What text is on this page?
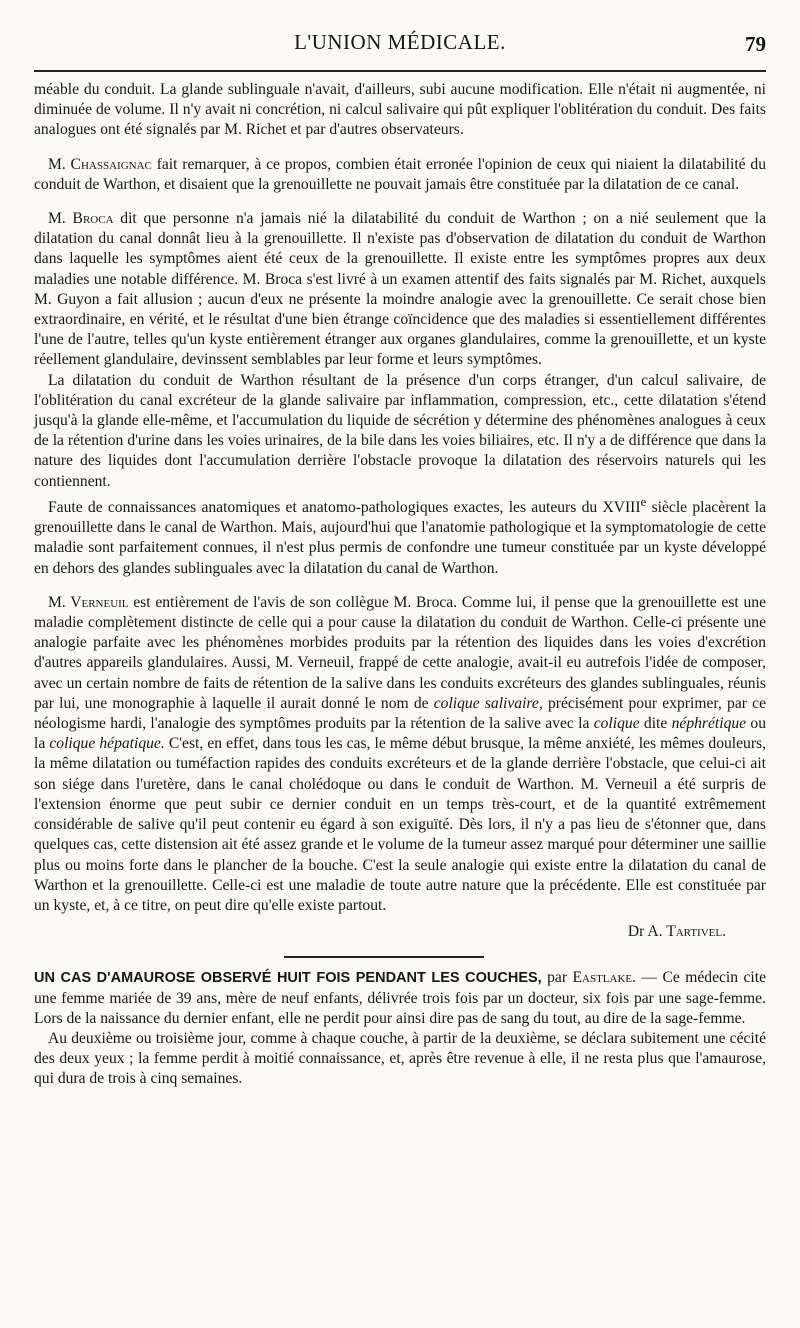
L'UNION MÉDICALE.	79

méable du conduit. La glande sublinguale n'avait, d'ailleurs, subi aucune modification. Elle n'était ni augmentée, ni diminuée de volume. Il n'y avait ni concrétion, ni calcul salivaire qui pût expliquer l'oblitération du conduit. Des faits analogues ont été signalés par M. Richet et par d'autres observateurs.

M. Chassaignac fait remarquer, à ce propos, combien était erronée l'opinion de ceux qui niaient la dilatabilité du conduit de Warthon, et disaient que la grenouillette ne pouvait jamais être constituée par la dilatation de ce canal.

M. Broca dit que personne n'a jamais nié la dilatabilité du conduit de Warthon ; on a nié seulement que la dilatation du canal donnât lieu à la grenouillette. Il n'existe pas d'observation de dilatation du conduit de Warthon dans laquelle les symptômes aient été ceux de la grenouillette. Il existe entre les symptômes propres aux deux maladies une notable différence. M. Broca s'est livré à un examen attentif des faits signalés par M. Richet, auxquels M. Guyon a fait allusion ; aucun d'eux ne présente la moindre analogie avec la grenouillette. Ce serait chose bien extraordinaire, en vérité, et le résultat d'une bien étrange coïncidence que des maladies si essentiellement différentes l'une de l'autre, telles qu'un kyste entièrement étranger aux organes glandulaires, comme la grenouillette, et un kyste réellement glandulaire, devinssent semblables par leur forme et leurs symptômes.

La dilatation du conduit de Warthon résultant de la présence d'un corps étranger, d'un calcul salivaire, de l'oblitération du canal excréteur de la glande salivaire par inflammation, compression, etc., cette dilatation s'étend jusqu'à la glande elle-même, et l'accumulation du liquide de sécrétion y détermine des phénomènes analogues à ceux de la rétention d'urine dans les voies urinaires, de la bile dans les voies biliaires, etc. Il n'y a de différence que dans la nature des liquides dont l'accumulation derrière l'obstacle provoque la dilatation des réservoirs naturels qui les contiennent.

Faute de connaissances anatomiques et anatomo-pathologiques exactes, les auteurs du XVIIIe siècle placèrent la grenouillette dans le canal de Warthon. Mais, aujourd'hui que l'anatomie pathologique et la symptomatologie de cette maladie sont parfaitement connues, il n'est plus permis de confondre une tumeur constituée par un kyste développé en dehors des glandes sublinguales avec la dilatation du canal de Warthon.

M. Verneuil est entièrement de l'avis de son collègue M. Broca. Comme lui, il pense que la grenouillette est une maladie complètement distincte de celle qui a pour cause la dilatation du conduit de Warthon. Celle-ci présente une analogie parfaite avec les phénomènes morbides produits par la rétention des liquides dans les voies d'excrétion d'autres appareils glandulaires. Aussi, M. Verneuil, frappé de cette analogie, avait-il eu autrefois l'idée de composer, avec un certain nombre de faits de rétention de la salive dans les conduits excréteurs des glandes sublinguales, réunis par lui, une monographie à laquelle il aurait donné le nom de colique salivaire, précisément pour exprimer, par ce néologisme hardi, l'analogie des symptômes produits par la rétention de la salive avec la colique dite néphrétique ou la colique hépatique. C'est, en effet, dans tous les cas, le même début brusque, la même anxiété, les mêmes douleurs, la même dilatation ou tuméfaction rapides des conduits excréteurs et de la glande derrière l'obstacle, que celui-ci ait son siége dans l'uretère, dans le canal cholédoque ou dans le conduit de Warthon. M. Verneuil a été surpris de l'extension énorme que peut subir ce dernier conduit en un temps très-court, et de la quantité extrêmement considérable de salive qu'il peut contenir eu égard à son exiguïté. Dès lors, il n'y a pas lieu de s'étonner que, dans quelques cas, cette distension ait été assez grande et le volume de la tumeur assez marqué pour déterminer une saillie plus ou moins forte dans le plancher de la bouche. C'est la seule analogie qui existe entre la dilatation du canal de Warthon et la grenouillette. Celle-ci est une maladie de toute autre nature que la précédente. Elle est constituée par un kyste, et, à ce titre, on peut dire qu'elle existe partout.

Dr A. Tartivel.

UN CAS D'AMAUROSE OBSERVÉ HUIT FOIS PENDANT LES COUCHES, par Eastlake. — Ce médecin cite une femme mariée de 39 ans, mère de neuf enfants, délivrée trois fois par un docteur, six fois par une sage-femme. Lors de la naissance du dernier enfant, elle ne perdit pour ainsi dire pas de sang du tout, au dire de la sage-femme.

Au deuxième ou troisième jour, comme à chaque couche, à partir de la deuxième, se déclara subitement une cécité des deux yeux ; la femme perdit à moitié connaissance, et, après être revenue à elle, il ne resta plus que l'amaurose, qui dura de trois à cinq semaines.
